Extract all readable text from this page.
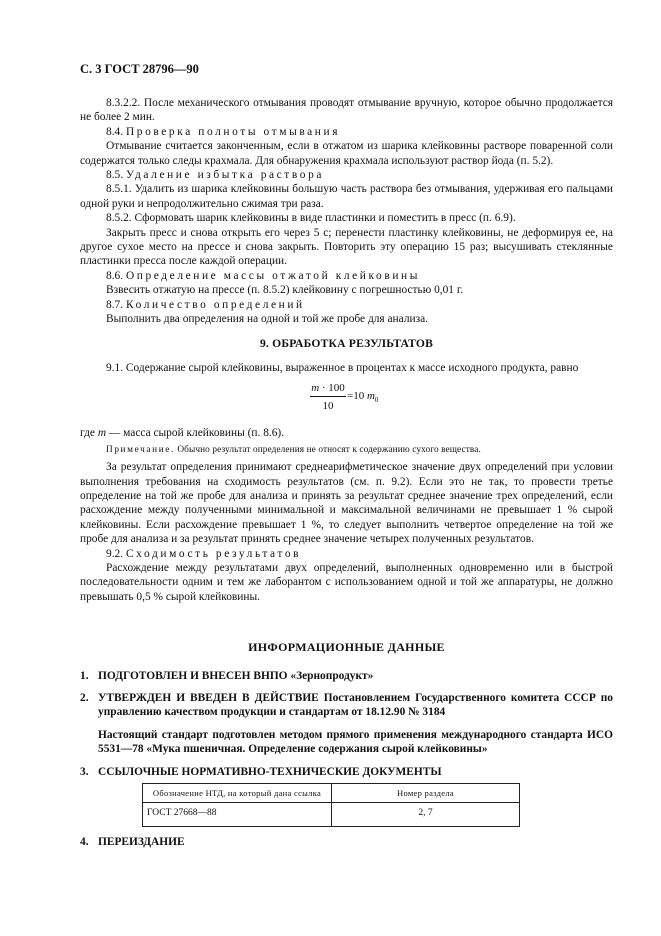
С. 3 ГОСТ 28796—90

8.3.2.2. После механического отмывания проводят отмывание вручную, которое обычно продолжается не более 2 мин.

8.4. Проверка полноты отмывания

Отмывание считается законченным, если в отжатом из шарика клейковины растворе поваренной соли содержатся только следы крахмала. Для обнаружения крахмала используют раствор йода (п. 5.2).

8.5. Удаление избытка раствора

8.5.1. Удалить из шарика клейковины большую часть раствора без отмывания, удерживая его пальцами одной руки и непродолжительно сжимая три раза.

8.5.2. Сформовать шарик клейковины в виде пластинки и поместить в пресс (п. 6.9).

Закрыть пресс и снова открыть его через 5 с; перенести пластинку клейковины, не деформируя ее, на другое сухое место на прессе и снова закрыть. Повторить эту операцию 15 раз; высушивать стеклянные пластинки пресса после каждой операции.

8.6. Определение массы отжатой клейковины

Взвесить отжатую на прессе (п. 8.5.2) клейковину с погрешностью 0,01 г.

8.7. Количество определений

Выполнить два определения на одной и той же пробе для анализа.

9. ОБРАБОТКА РЕЗУЛЬТАТОВ

9.1. Содержание сырой клейковины, выраженное в процентах к массе исходного продукта, равно

m · 100
10
=10 $m_0$

где m — масса сырой клейковины (п. 8.6).

Примечание. Обычно результат определения не относят к содержанию сухого вещества.

За результат определения принимают среднеарифметическое значение двух определений при условии выполнения требования на сходимость результатов (см. п. 9.2). Если это не так, то провести третье определение на той же пробе для анализа и принять за результат среднее значение трех определений, если расхождение между полученными минимальной и максимальной величинами не превышает 1 % сырой клейковины. Если расхождение превышает 1 %, то следует выполнить четвертое определение на той же пробе для анализа и за результат принять среднее значение четырех полученных результатов.

9.2. Сходимость результатов

Расхождение между результатами двух определений, выполненных одновременно или в быстрой последовательности одним и тем же лаборантом с использованием одной и той же аппаратуры, не должно превышать 0,5 % сырой клейковины.

ИНФОРМАЦИОННЫЕ ДАННЫЕ
1. ПОДГОТОВЛЕН И ВНЕСЕН ВНПО «Зернопродукт»
2. УТВЕРЖДЕН И ВВЕДЕН В ДЕЙСТВИЕ Постановлением Государственного комитета СССР по управлению качеством продукции и стандартам от 18.12.90 № 3184
Настоящий стандарт подготовлен методом прямого применения международного стандарта ИСО 5531—78 «Мука пшеничная. Определение содержания сырой клейковины»
3. ССЫЛОЧНЫЕ НОРМАТИВНО-ТЕХНИЧЕСКИЕ ДОКУМЕНТЫ
Обозначение НТД, на который дана ссылка	Номер раздела
ГОСТ 27668—88	2, 7
4. ПЕРЕИЗДАНИЕ
